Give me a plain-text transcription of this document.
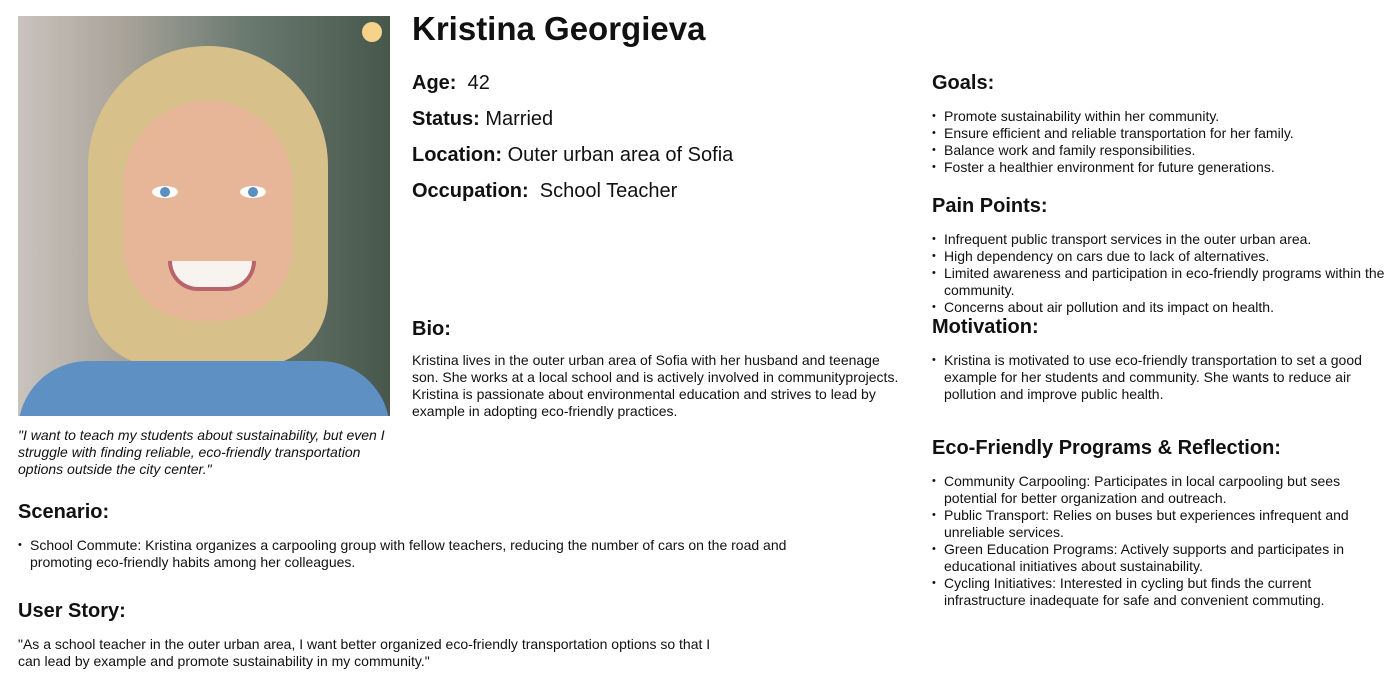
Kristina Georgieva
Age: 42
Status: Married
Location: Outer urban area of Sofia
Occupation: School Teacher
"I want to teach my students about sustainability, but even I struggle with finding reliable, eco-friendly transportation options outside the city center."
Bio:
Kristina lives in the outer urban area of Sofia with her husband and teenage son. She works at a local school and is actively involved in communityprojects. Kristina is passionate about environmental education and strives to lead by example in adopting eco-friendly practices.
Scenario:
• School Commute: Kristina organizes a carpooling group with fellow teachers, reducing the number of cars on the road and promoting eco-friendly habits among her colleagues.
User Story:
"As a school teacher in the outer urban area, I want better organized eco-friendly transportation options so that I can lead by example and promote sustainability in my community."
Goals:
• Promote sustainability within her community.
• Ensure efficient and reliable transportation for her family.
• Balance work and family responsibilities.
• Foster a healthier environment for future generations.
Pain Points:
• Infrequent public transport services in the outer urban area.
• High dependency on cars due to lack of alternatives.
• Limited awareness and participation in eco-friendly programs within the community.
• Concerns about air pollution and its impact on health.
Motivation:
• Kristina is motivated to use eco-friendly transportation to set a good example for her students and community. She wants to reduce air pollution and improve public health.
Eco-Friendly Programs & Reflection:
• Community Carpooling: Participates in local carpooling but sees potential for better organization and outreach.
• Public Transport: Relies on buses but experiences infrequent and unreliable services.
• Green Education Programs: Actively supports and participates in educational initiatives about sustainability.
• Cycling Initiatives: Interested in cycling but finds the current infrastructure inadequate for safe and convenient commuting.
